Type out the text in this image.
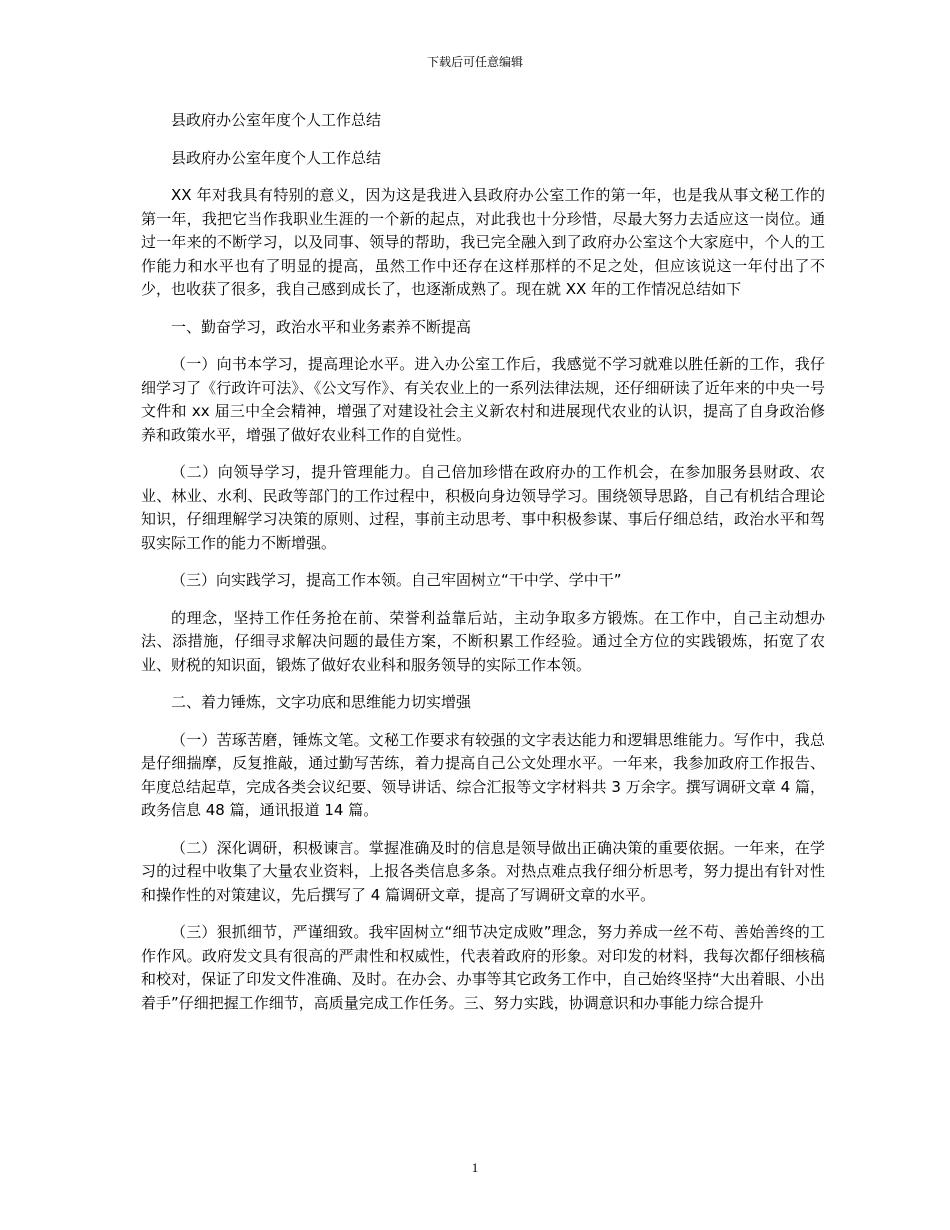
下载后可任意编辑

县政府办公室年度个人工作总结

县政府办公室年度个人工作总结

XX 年对我具有特别的意义，因为这是我进入县政府办公室工作的第一年，也是我从事文秘工作的第一年，我把它当作我职业生涯的一个新的起点，对此我也十分珍惜，尽最大努力去适应这一岗位。通过一年来的不断学习，以及同事、领导的帮助，我已完全融入到了政府办公室这个大家庭中，个人的工作能力和水平也有了明显的提高，虽然工作中还存在这样那样的不足之处，但应该说这一年付出了不少，也收获了很多，我自己感到成长了，也逐渐成熟了。现在就 XX 年的工作情况总结如下

一、勤奋学习，政治水平和业务素养不断提高

（一）向书本学习，提高理论水平。进入办公室工作后，我感觉不学习就难以胜任新的工作，我仔细学习了《行政许可法》、《公文写作》、有关农业上的一系列法律法规，还仔细研读了近年来的中央一号文件和 xx 届三中全会精神，增强了对建设社会主义新农村和进展现代农业的认识，提高了自身政治修养和政策水平，增强了做好农业科工作的自觉性。

（二）向领导学习，提升管理能力。自己倍加珍惜在政府办的工作机会，在参加服务县财政、农业、林业、水利、民政等部门的工作过程中，积极向身边领导学习。围绕领导思路，自己有机结合理论知识，仔细理解学习决策的原则、过程，事前主动思考、事中积极参谋、事后仔细总结，政治水平和驾驭实际工作的能力不断增强。

（三）向实践学习，提高工作本领。自己牢固树立“干中学、学中干”

的理念，坚持工作任务抢在前、荣誉利益靠后站，主动争取多方锻炼。在工作中，自己主动想办法、添措施，仔细寻求解决问题的最佳方案，不断积累工作经验。通过全方位的实践锻炼，拓宽了农业、财税的知识面，锻炼了做好农业科和服务领导的实际工作本领。

二、着力锤炼，文字功底和思维能力切实增强

（一）苦琢苦磨，锤炼文笔。文秘工作要求有较强的文字表达能力和逻辑思维能力。写作中，我总是仔细揣摩，反复推敲，通过勤写苦练，着力提高自己公文处理水平。一年来，我参加政府工作报告、年度总结起草，完成各类会议纪要、领导讲话、综合汇报等文字材料共 3 万余字。撰写调研文章 4 篇，政务信息 48 篇，通讯报道 14 篇。

（二）深化调研，积极谏言。掌握准确及时的信息是领导做出正确决策的重要依据。一年来，在学习的过程中收集了大量农业资料，上报各类信息多条。对热点难点我仔细分析思考，努力提出有针对性和操作性的对策建议，先后撰写了 4 篇调研文章，提高了写调研文章的水平。

（三）狠抓细节，严谨细致。我牢固树立“细节决定成败”理念，努力养成一丝不苟、善始善终的工作作风。政府发文具有很高的严肃性和权威性，代表着政府的形象。对印发的材料，我每次都仔细核稿和校对，保证了印发文件准确、及时。在办会、办事等其它政务工作中，自己始终坚持“大出着眼、小出着手”仔细把握工作细节，高质量完成工作任务。三、努力实践，协调意识和办事能力综合提升

1
